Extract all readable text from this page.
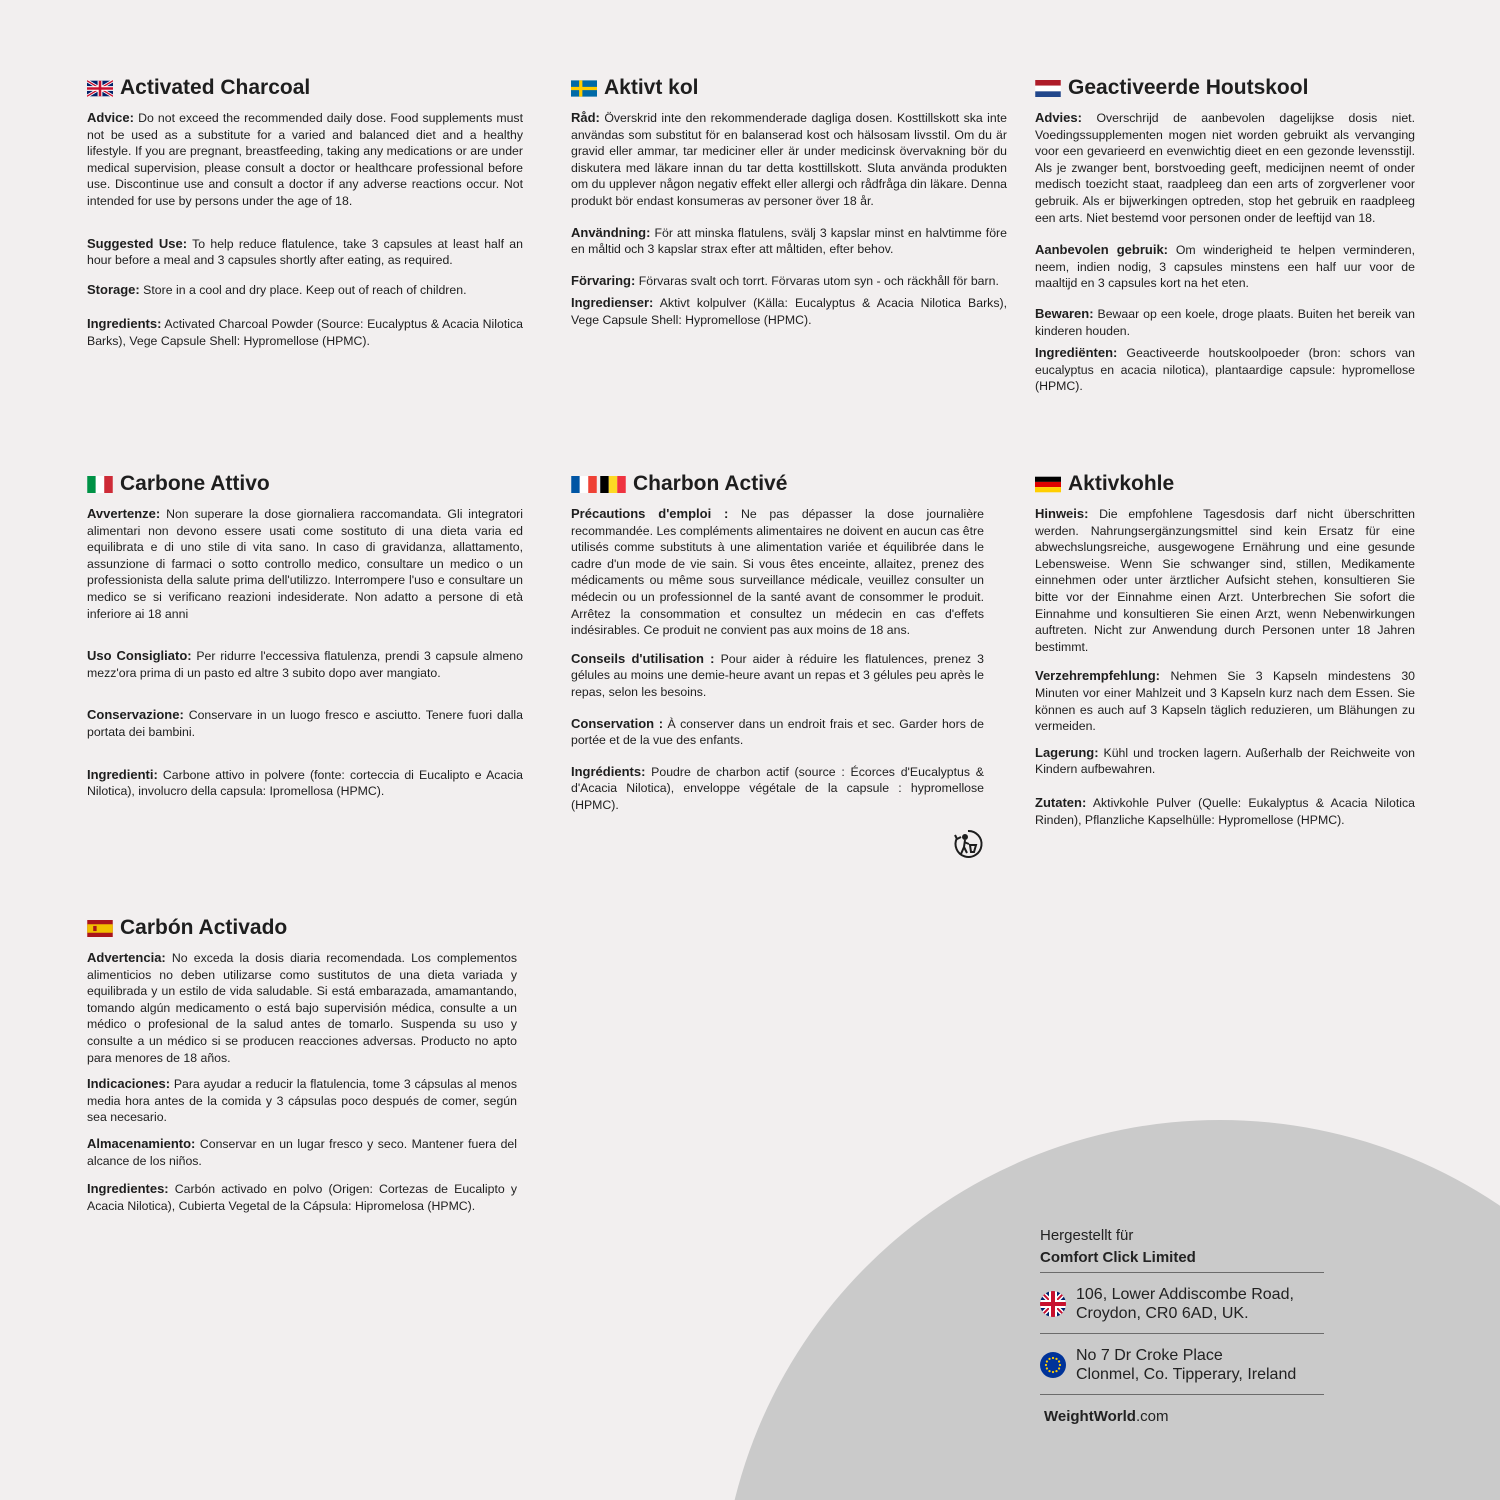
Activated Charcoal

Advice: Do not exceed the recommended daily dose. Food supplements must not be used as a substitute for a varied and balanced diet and a healthy lifestyle. If you are pregnant, breastfeeding, taking any medications or are under medical supervision, please consult a doctor or healthcare professional before use. Discontinue use and consult a doctor if any adverse reactions occur. Not intended for use by persons under the age of 18.

Suggested Use: To help reduce flatulence, take 3 capsules at least half an hour before a meal and 3 capsules shortly after eating, as required.

Storage: Store in a cool and dry place. Keep out of reach of children.

Ingredients: Activated Charcoal Powder (Source: Eucalyptus & Acacia Nilotica Barks), Vege Capsule Shell: Hypromellose (HPMC).

Aktivt kol

Råd: Överskrid inte den rekommenderade dagliga dosen. Kosttillskott ska inte användas som substitut för en balanserad kost och hälsosam livsstil. Om du är gravid eller ammar, tar mediciner eller är under medicinsk övervakning bör du diskutera med läkare innan du tar detta kosttillskott. Sluta använda produkten om du upplever någon negativ effekt eller allergi och rådfråga din läkare. Denna produkt bör endast konsumeras av personer över 18 år.

Användning: För att minska flatulens, svälj 3 kapslar minst en halvtimme före en måltid och 3 kapslar strax efter att måltiden, efter behov.

Förvaring: Förvaras svalt och torrt. Förvaras utom syn - och räckhåll för barn.

Ingredienser: Aktivt kolpulver (Källa: Eucalyptus & Acacia Nilotica Barks), Vege Capsule Shell: Hypromellose (HPMC).

Geactiveerde Houtskool

Advies: Overschrijd de aanbevolen dagelijkse dosis niet. Voedingssupplementen mogen niet worden gebruikt als vervanging voor een gevarieerd en evenwichtig dieet en een gezonde levensstijl. Als je zwanger bent, borstvoeding geeft, medicijnen neemt of onder medisch toezicht staat, raadpleeg dan een arts of zorgverlener voor gebruik. Als er bijwerkingen optreden, stop het gebruik en raadpleeg een arts. Niet bestemd voor personen onder de leeftijd van 18.

Aanbevolen gebruik: Om winderigheid te helpen verminderen, neem, indien nodig, 3 capsules minstens een half uur voor de maaltijd en 3 capsules kort na het eten.

Bewaren: Bewaar op een koele, droge plaats. Buiten het bereik van kinderen houden.

Ingrediënten: Geactiveerde houtskoolpoeder (bron: schors van eucalyptus en acacia nilotica), plantaardige capsule: hypromellose (HPMC).

Carbone Attivo

Avvertenze: Non superare la dose giornaliera raccomandata. Gli integratori alimentari non devono essere usati come sostituto di una dieta varia ed equilibrata e di uno stile di vita sano. In caso di gravidanza, allattamento, assunzione di farmaci o sotto controllo medico, consultare un medico o un professionista della salute prima dell'utilizzo. Interrompere l'uso e consultare un medico se si verificano reazioni indesiderate. Non adatto a persone di età inferiore ai 18 anni

Uso Consigliato: Per ridurre l'eccessiva flatulenza, prendi 3 capsule almeno mezz'ora prima di un pasto ed altre 3 subito dopo aver mangiato.

Conservazione: Conservare in un luogo fresco e asciutto. Tenere fuori dalla portata dei bambini.

Ingredienti: Carbone attivo in polvere (fonte: corteccia di Eucalipto e Acacia Nilotica), involucro della capsula: Ipromellosa (HPMC).

Charbon Activé

Précautions d'emploi : Ne pas dépasser la dose journalière recommandée. Les compléments alimentaires ne doivent en aucun cas être utilisés comme substituts à une alimentation variée et équilibrée dans le cadre d'un mode de vie sain. Si vous êtes enceinte, allaitez, prenez des médicaments ou même sous surveillance médicale, veuillez consulter un médecin ou un professionnel de la santé avant de consommer le produit. Arrêtez la consommation et consultez un médecin en cas d'effets indésirables. Ce produit ne convient pas aux moins de 18 ans.

Conseils d'utilisation : Pour aider à réduire les flatulences, prenez 3 gélules au moins une demie-heure avant un repas et 3 gélules peu après le repas, selon les besoins.

Conservation : À conserver dans un endroit frais et sec. Garder hors de portée et de la vue des enfants.

Ingrédients: Poudre de charbon actif (source : Écorces d'Eucalyptus & d'Acacia Nilotica), enveloppe végétale de la capsule : hypromellose (HPMC).

Aktivkohle

Hinweis: Die empfohlene Tagesdosis darf nicht überschritten werden. Nahrungsergänzungsmittel sind kein Ersatz für eine abwechslungsreiche, ausgewogene Ernährung und eine gesunde Lebensweise. Wenn Sie schwanger sind, stillen, Medikamente einnehmen oder unter ärztlicher Aufsicht stehen, konsultieren Sie bitte vor der Einnahme einen Arzt. Unterbrechen Sie sofort die Einnahme und konsultieren Sie einen Arzt, wenn Nebenwirkungen auftreten. Nicht zur Anwendung durch Personen unter 18 Jahren bestimmt.

Verzehrempfehlung: Nehmen Sie 3 Kapseln mindestens 30 Minuten vor einer Mahlzeit und 3 Kapseln kurz nach dem Essen. Sie können es auch auf 3 Kapseln täglich reduzieren, um Blähungen zu vermeiden.

Lagerung: Kühl und trocken lagern. Außerhalb der Reichweite von Kindern aufbewahren.

Zutaten: Aktivkohle Pulver (Quelle: Eukalyptus & Acacia Nilotica Rinden), Pflanzliche Kapselhülle: Hypromellose (HPMC).

Carbón Activado

Advertencia: No exceda la dosis diaria recomendada. Los complementos alimenticios no deben utilizarse como sustitutos de una dieta variada y equilibrada y un estilo de vida saludable. Si está embarazada, amamantando, tomando algún medicamento o está bajo supervisión médica, consulte a un médico o profesional de la salud antes de tomarlo. Suspenda su uso y consulte a un médico si se producen reacciones adversas. Producto no apto para menores de 18 años.

Indicaciones: Para ayudar a reducir la flatulencia, tome 3 cápsulas al menos media hora antes de la comida y 3 cápsulas poco después de comer, según sea necesario.

Almacenamiento: Conservar en un lugar fresco y seco. Mantener fuera del alcance de los niños.

Ingredientes: Carbón activado en polvo (Origen: Cortezas de Eucalipto y Acacia Nilotica), Cubierta Vegetal de la Cápsula: Hipromelosa (HPMC).

Hergestellt für
Comfort Click Limited
106, Lower Addiscombe Road,
Croydon, CR0 6AD, UK.
No 7 Dr Croke Place
Clonmel, Co. Tipperary, Ireland
WeightWorld.com
